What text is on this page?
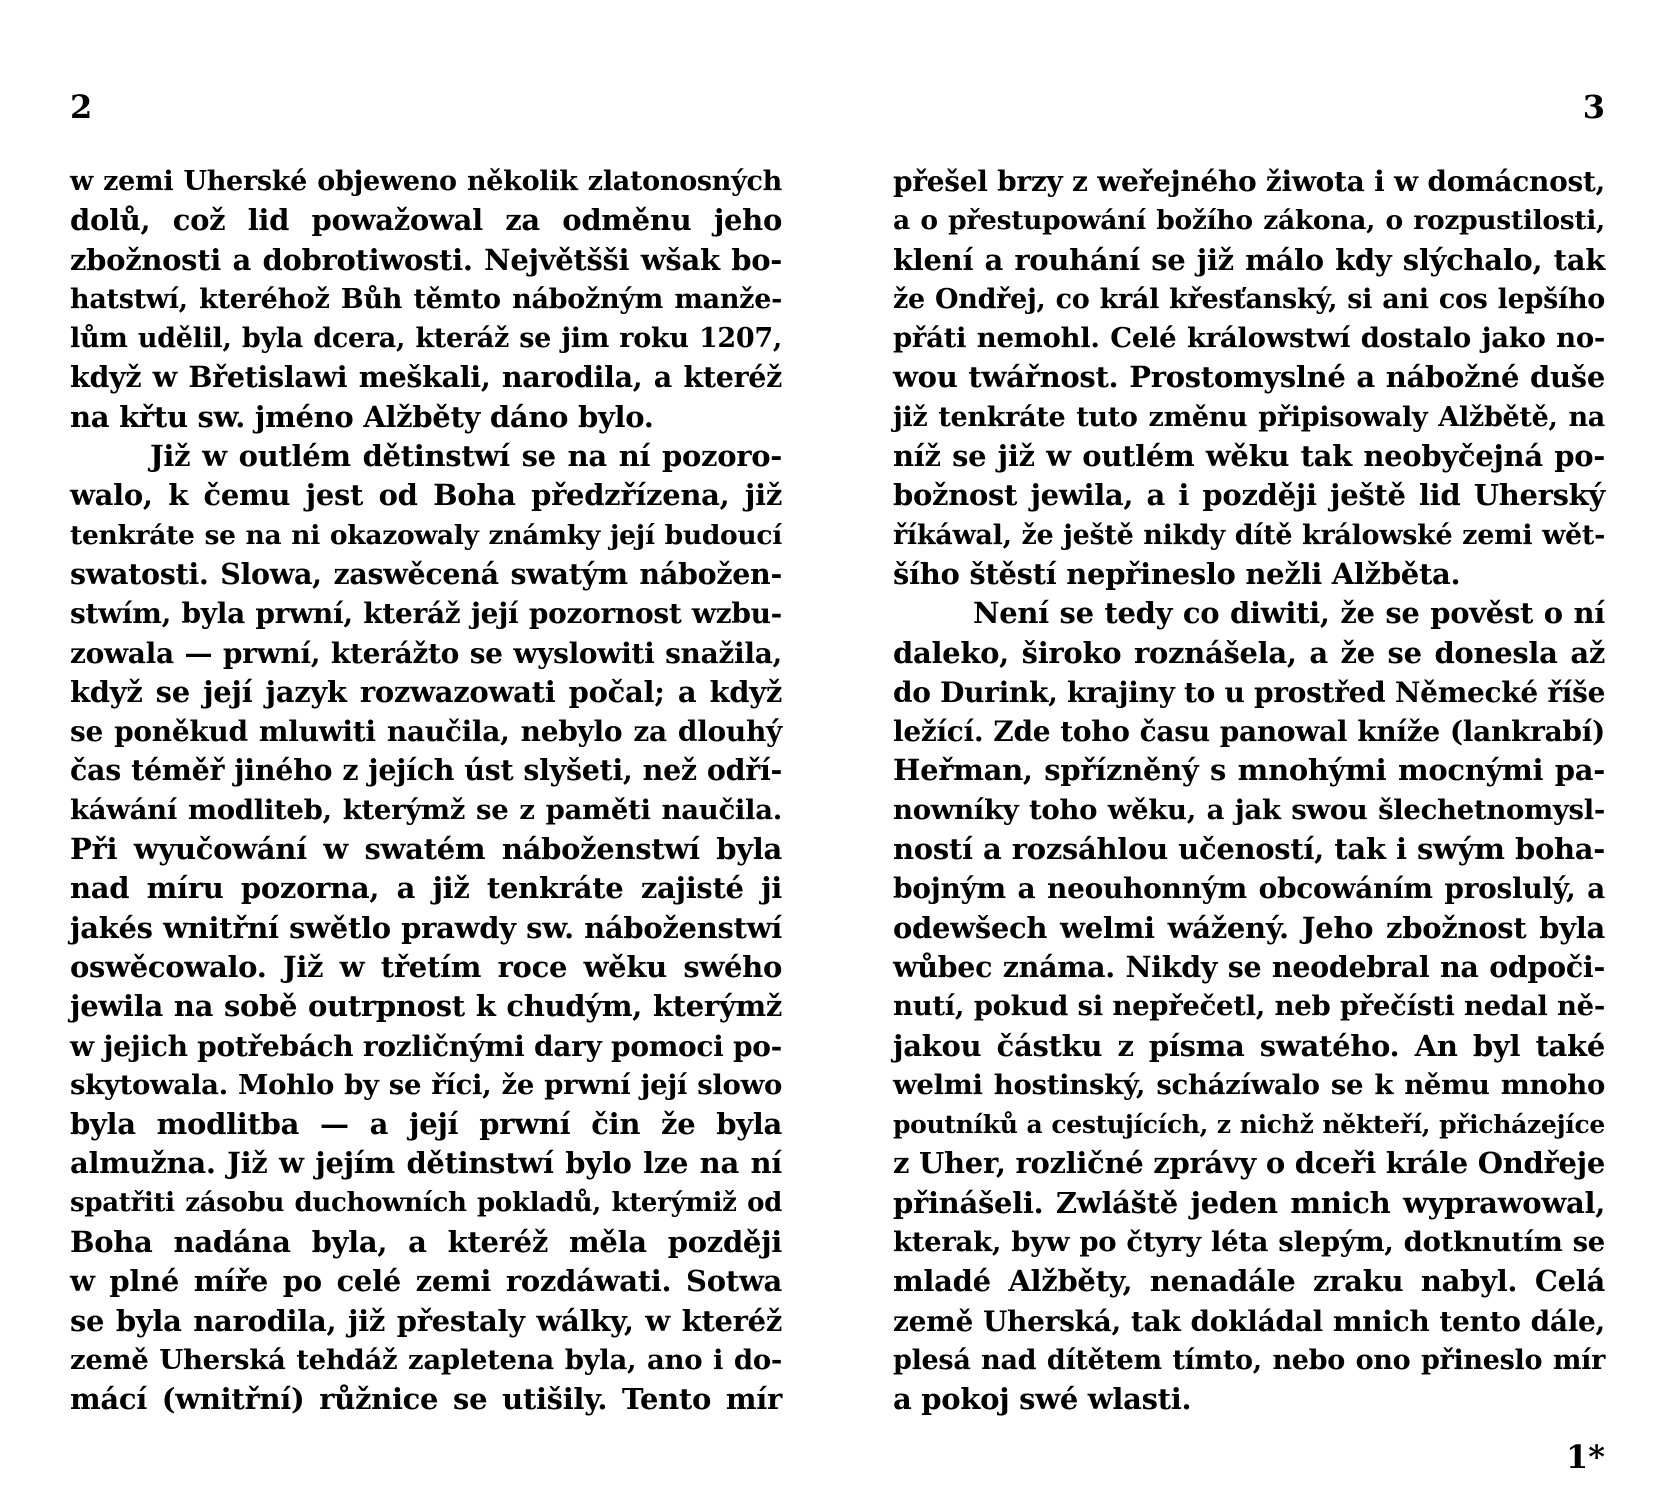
2
w zemi Uherské objeweno několik zlatonosných
dolů, což lid powažowal za odměnu jeho
zbožnosti a dobrotiwosti. Největšši wšak bo-
hatstwí, kteréhož Bůh těmto nábožným manže-
lům udělil, byla dcera, kteráž se jim roku 1207,
když w Břetislawi meškali, narodila, a kteréž
na křtu sw. jméno Alžběty dáno bylo.
Již w outlém dětinstwí se na ní pozoro-
walo, k čemu jest od Boha předzřízena, již
tenkráte se na ni okazowaly známky její budoucí
swatosti. Slowa, zaswěcená swatým nábožen-
stwím, byla prwní, kteráž její pozornost wzbu-
zowala — prwní, kterážto se wyslowiti snažila,
když se její jazyk rozwazowati počal; a když
se poněkud mluwiti naučila, nebylo za dlouhý
čas téměř jiného z jejích úst slyšeti, než odří-
káwání modliteb, kterýmž se z paměti naučila.
Při wyučowání w swatém náboženstwí byla
nad míru pozorna, a již tenkráte zajisté ji
jakés wnitřní swětlo prawdy sw. náboženstwí
oswěcowalo. Již w třetím roce wěku swého
jewila na sobě outrpnost k chudým, kterýmž
w jejich potřebách rozličnými dary pomoci po-
skytowala. Mohlo by se říci, že prwní její slowo
byla modlitba — a její prwní čin že byla
almužna. Již w jejím dětinstwí bylo lze na ní
spatřiti zásobu duchowních pokladů, kterýmiž od
Boha nadána byla, a kteréž měla později
w plné míře po celé zemi rozdáwati. Sotwa
se byla narodila, již přestaly wálky, w kteréž
země Uherská tehdáž zapletena byla, ano i do-
mácí (wnitřní) růžnice se utišily. Tento mír
3
přešel brzy z weřejného žiwota i w domácnost,
a o přestupowání božího zákona, o rozpustilosti,
klení a rouhání se již málo kdy slýchalo, tak
že Ondřej, co král křesťanský, si ani cos lepšího
přáti nemohl. Celé králowstwí dostalo jako no-
wou twářnost. Prostomyslné a nábožné duše
již tenkráte tuto změnu připisowaly Alžbětě, na
níž se již w outlém wěku tak neobyčejná po-
božnost jewila, a i později ještě lid Uherský
říkáwal, že ještě nikdy dítě králowské zemi wět-
šího štěstí nepřineslo nežli Alžběta.
Není se tedy co diwiti, že se pověst o ní
daleko, široko roznášela, a že se donesla až
do Durink, krajiny to u prostřed Německé říše
ležící. Zde toho času panowal kníže (lankrabí)
Heřman, spřízněný s mnohými mocnými pa-
nowníky toho wěku, a jak swou šlechetnomysl-
ností a rozsáhlou učeností, tak i swým boha-
bojným a neouhonným obcowáním proslulý, a
odewšech welmi wážený. Jeho zbožnost byla
wůbec známa. Nikdy se neodebral na odpoči-
nutí, pokud si nepřečetl, neb přečísti nedal ně-
jakou částku z písma swatého. An byl také
welmi hostinský, scházíwalo se k němu mnoho
poutníků a cestujících, z nichž někteří, přicházejíce
z Uher, rozličné zprávy o dceři krále Ondřeje
přinášeli. Zwláště jeden mnich wyprawowal,
kterak, byw po čtyry léta slepým, dotknutím se
mladé Alžběty, nenadále zraku nabyl. Celá
země Uherská, tak dokládal mnich tento dále,
plesá nad dítětem tímto, nebo ono přineslo mír
a pokoj swé wlasti.
1*
